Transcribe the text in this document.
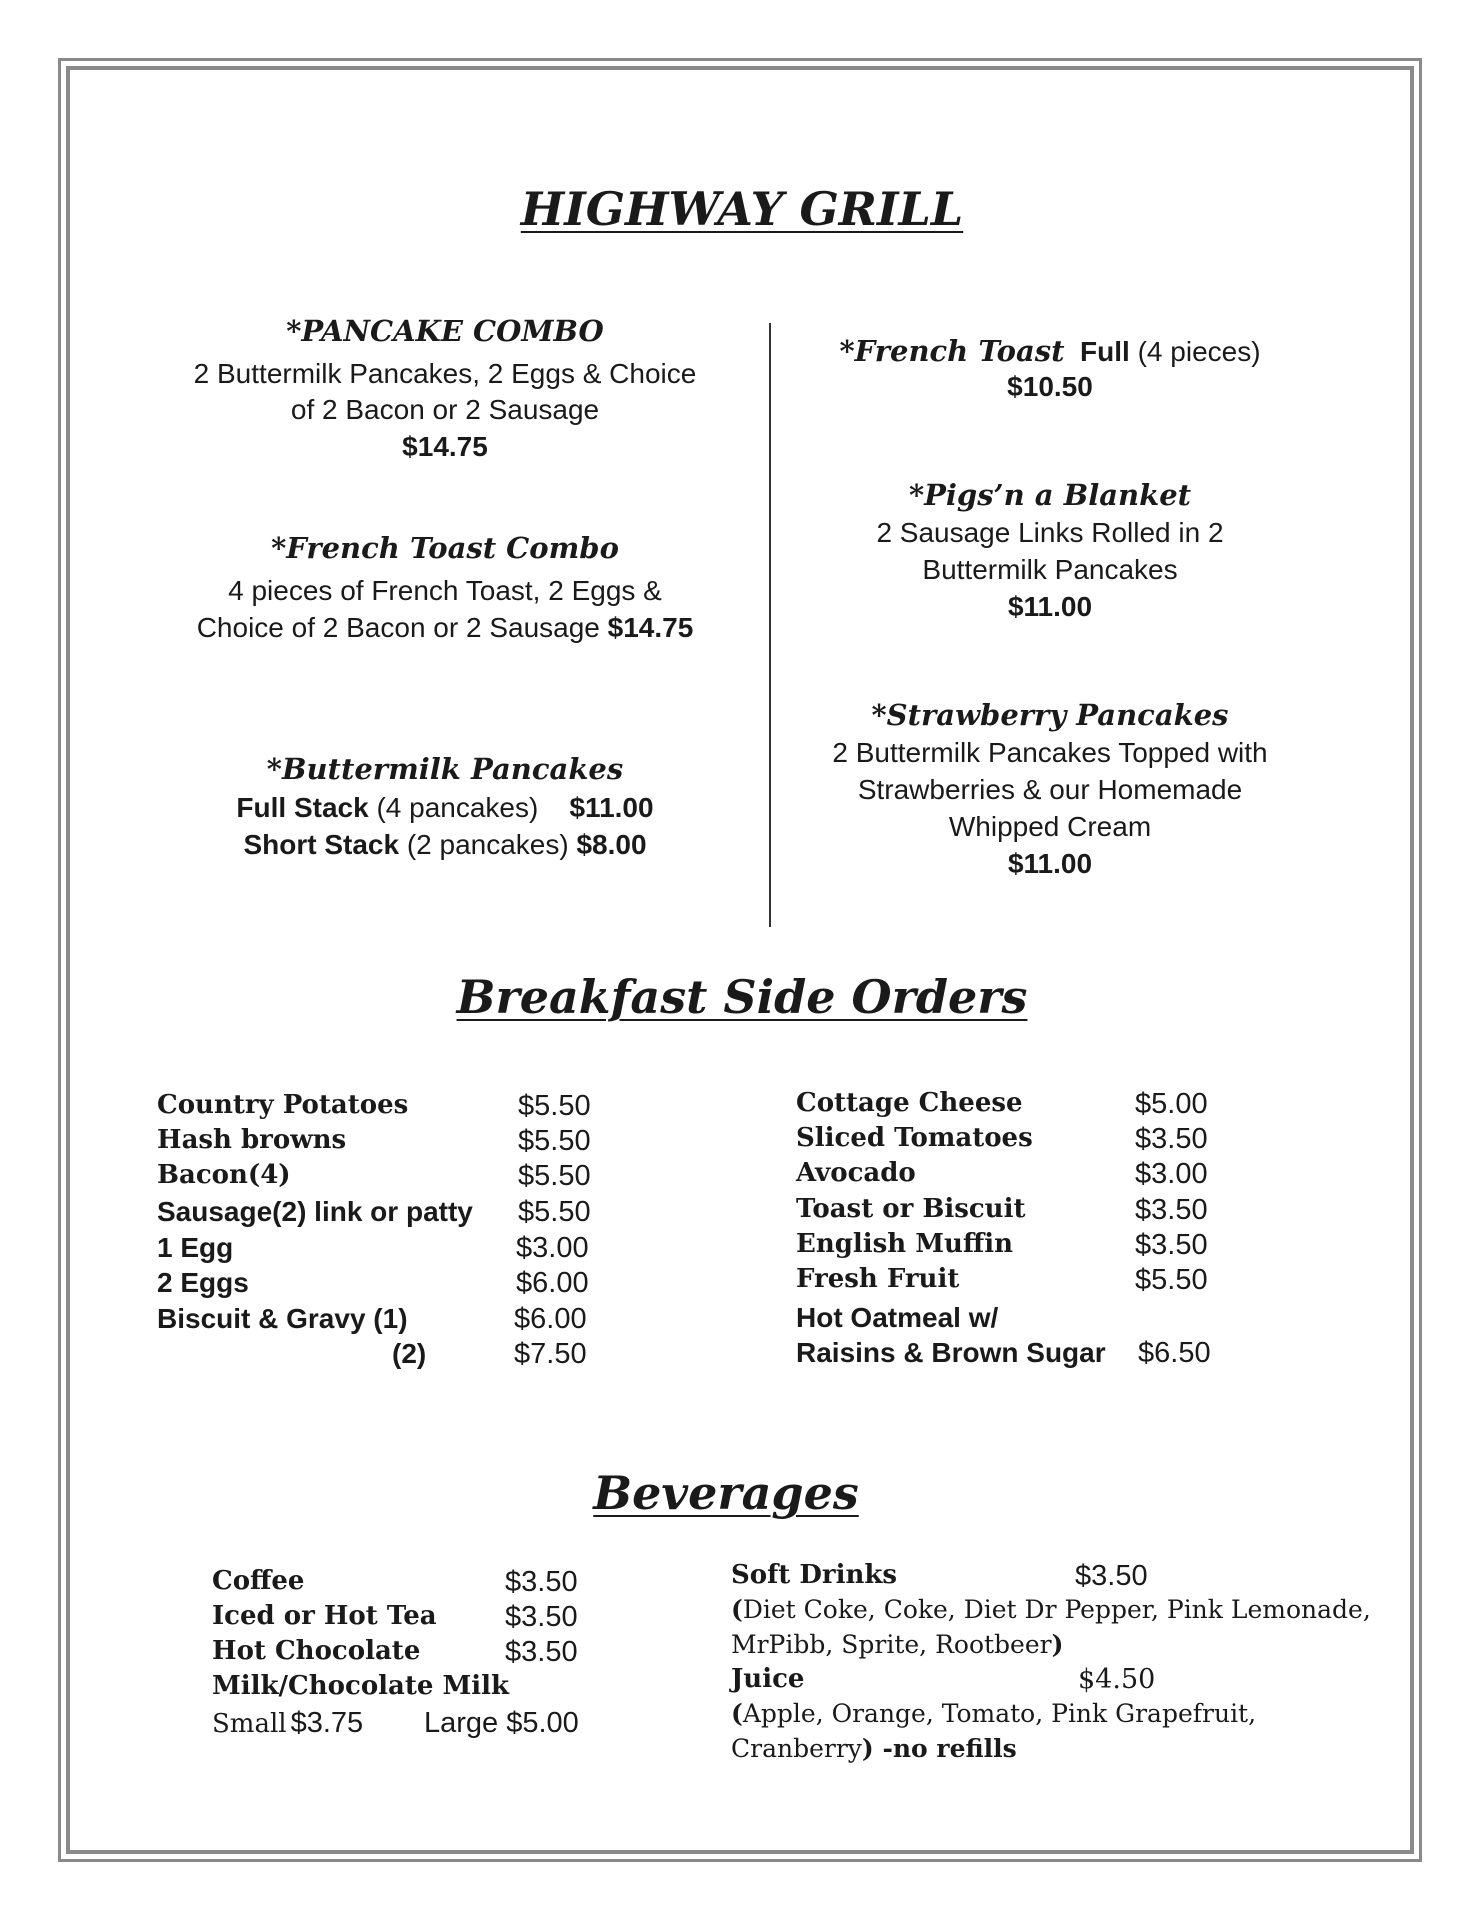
HIGHWAY GRILL
*PANCAKE COMBO
2 Buttermilk Pancakes, 2 Eggs & Choice
of 2 Bacon or 2 Sausage
$14.75
*French Toast Combo
4 pieces of French Toast, 2 Eggs &
Choice of 2 Bacon or 2 Sausage $14.75
*Buttermilk Pancakes
Full Stack (4 pancakes) $11.00
Short Stack (2 pancakes) $8.00
*French Toast Full (4 pieces)
$10.50
*Pigs’n a Blanket
2 Sausage Links Rolled in 2
Buttermilk Pancakes
$11.00
*Strawberry Pancakes
2 Buttermilk Pancakes Topped with
Strawberries & our Homemade
Whipped Cream
$11.00
Breakfast Side Orders
Country Potatoes	$5.50
Hash browns	$5.50
Bacon(4)	$5.50
Sausage(2) link or patty $5.50
1 Egg	$3.00
2 Eggs	$6.00
Biscuit & Gravy (1)	$6.00
(2)	$7.50
Cottage Cheese	$5.00
Sliced Tomatoes	$3.50
Avocado	$3.00
Toast or Biscuit	$3.50
English Muffin	$3.50
Fresh Fruit	$5.50
Hot Oatmeal w/
Raisins & Brown Sugar $6.50
Beverages
Coffee	$3.50
Iced or Hot Tea $3.50
Hot Chocolate	$3.50
Milk/Chocolate Milk
Small $3.75 Large $5.00
Soft Drinks	$3.50
(Diet Coke, Coke, Diet Dr Pepper, Pink Lemonade,
MrPibb, Sprite, Rootbeer)
Juice	$4.50
(Apple, Orange, Tomato, Pink Grapefruit,
Cranberry) -no refills
